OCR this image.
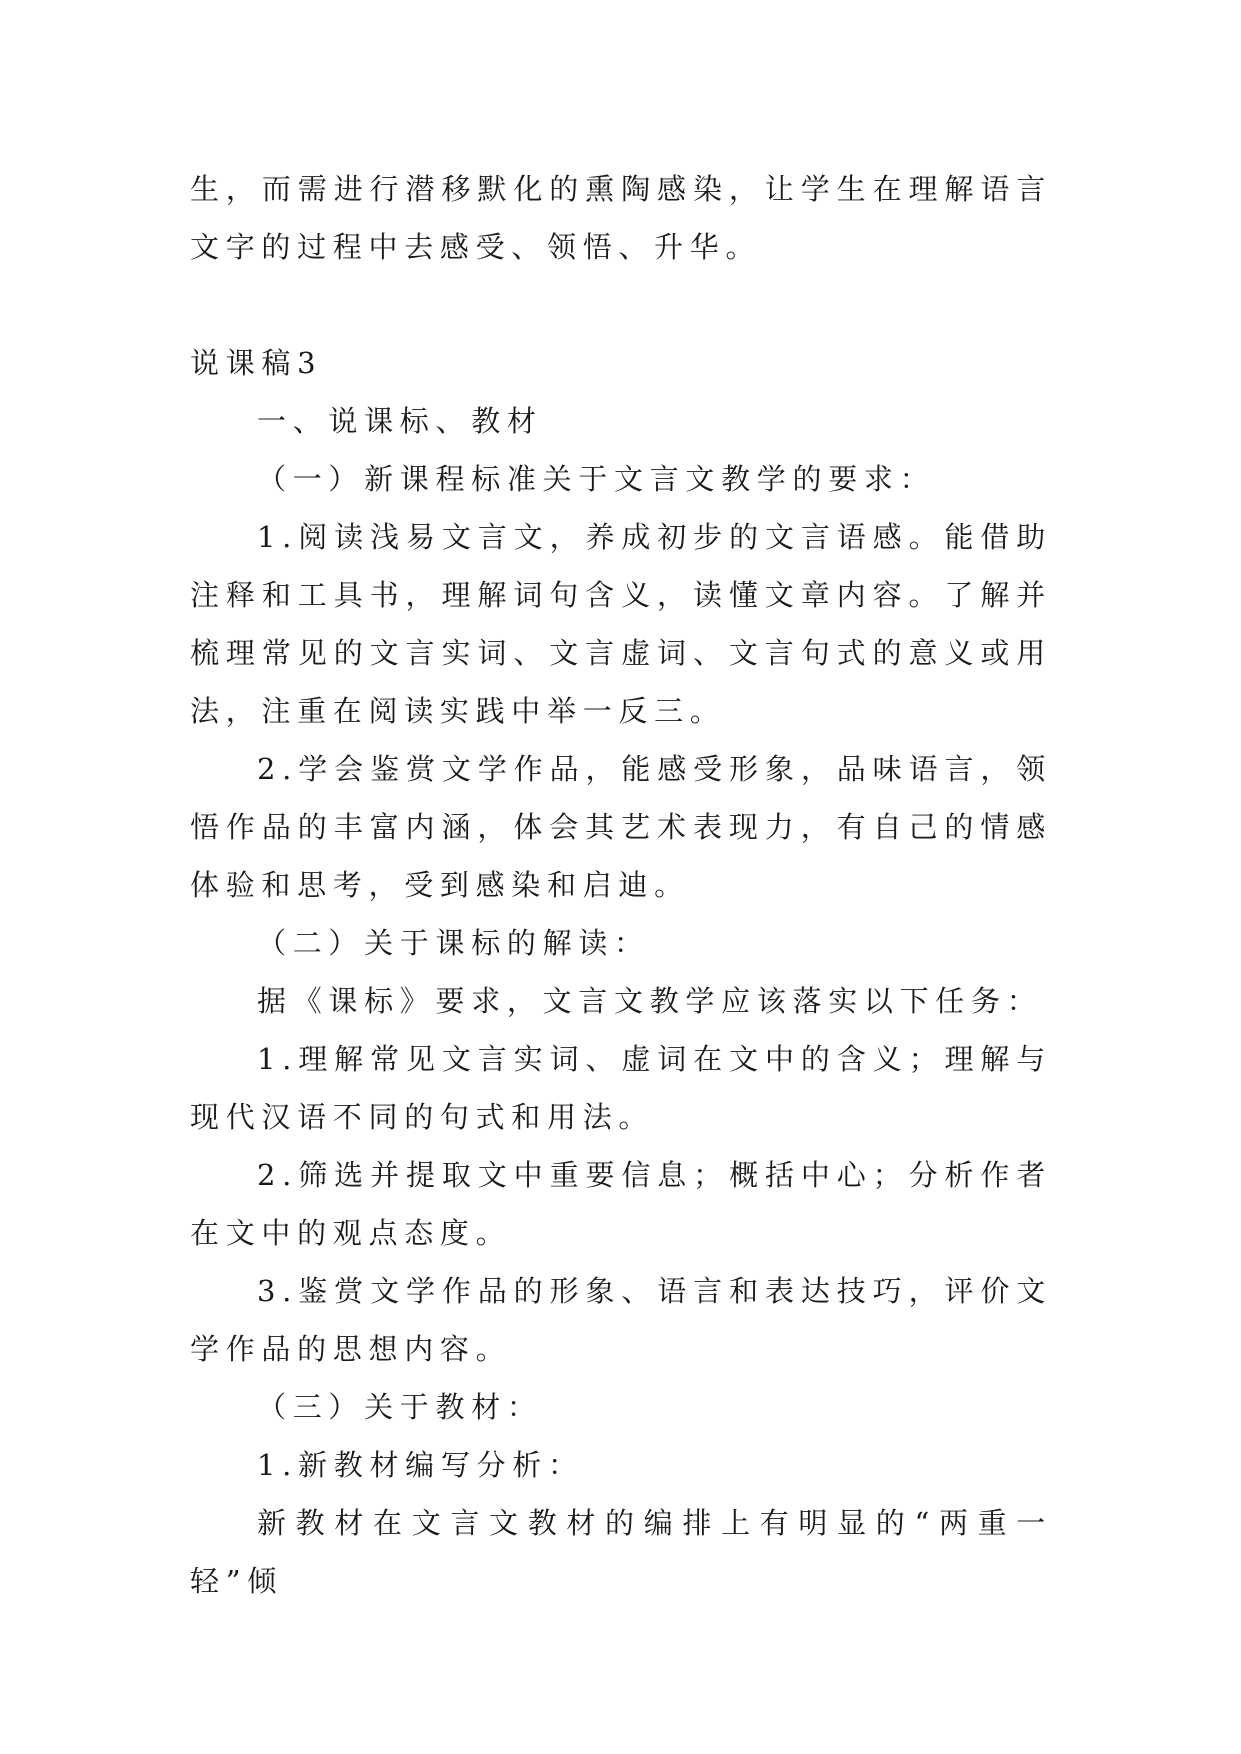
生，而需进行潜移默化的熏陶感染，让学生在理解语言文字的过程中去感受、领悟、升华。

说课稿3

一、说课标、教材

（一）新课程标准关于文言文教学的要求：

1.阅读浅易文言文，养成初步的文言语感。能借助注释和工具书，理解词句含义，读懂文章内容。了解并梳理常见的文言实词、文言虚词、文言句式的意义或用法，注重在阅读实践中举一反三。

2.学会鉴赏文学作品，能感受形象，品味语言，领悟作品的丰富内涵，体会其艺术表现力，有自己的情感体验和思考，受到感染和启迪。

（二）关于课标的解读：

据《课标》要求，文言文教学应该落实以下任务：

1.理解常见文言实词、虚词在文中的含义；理解与现代汉语不同的句式和用法。

2.筛选并提取文中重要信息；概括中心；分析作者在文中的观点态度。

3.鉴赏文学作品的形象、语言和表达技巧，评价文学作品的思想内容。

（三）关于教材：

1.新教材编写分析：

新教材在文言文教材的编排上有明显的“两重一轻”倾
